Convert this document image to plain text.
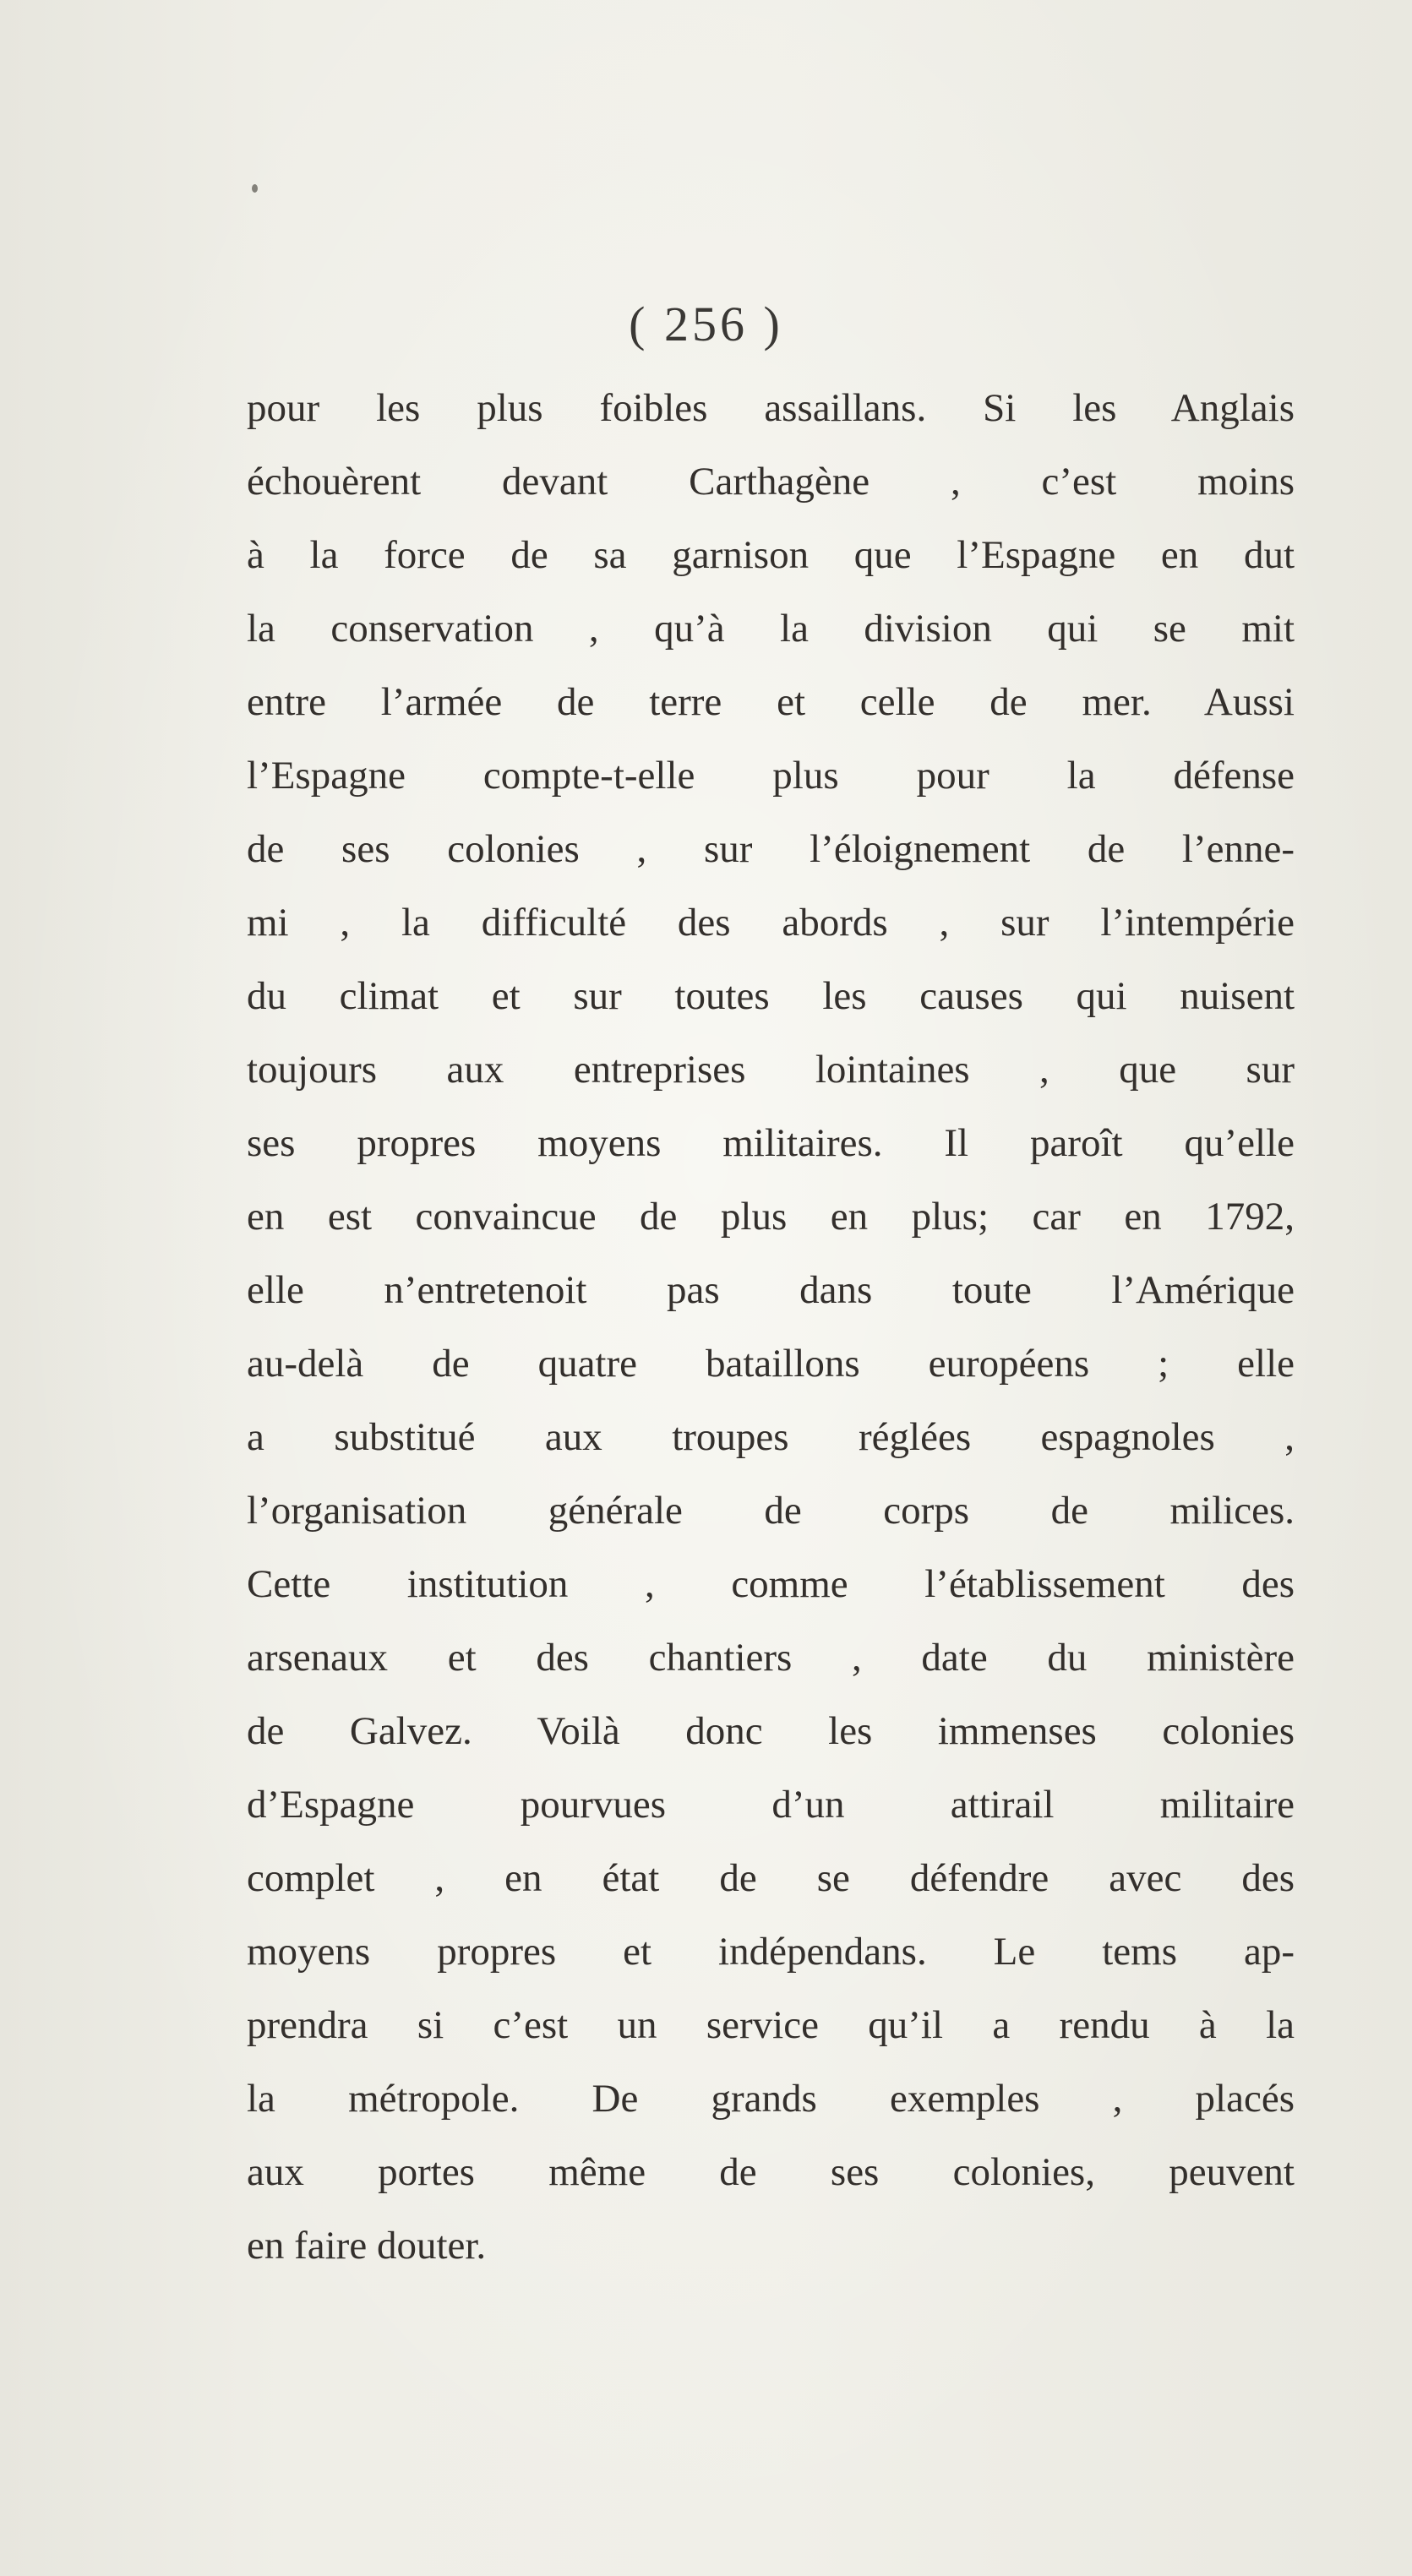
( 256 )
pour les plus foibles assaillans. Si les Anglais
échouèrent devant Carthagène , c’est moins
à la force de sa garnison que l’Espagne en dut
la conservation , qu’à la division qui se mit
entre l’armée de terre et celle de mer. Aussi
l’Espagne compte-t-elle plus pour la défense
de ses colonies , sur l’éloignement de l’enne-
mi , la difficulté des abords , sur l’intempérie
du climat et sur toutes les causes qui nuisent
toujours aux entreprises lointaines , que sur
ses propres moyens militaires. Il paroît qu’elle
en est convaincue de plus en plus; car en 1792,
elle n’entretenoit pas dans toute l’Amérique
au-delà de quatre bataillons européens ; elle
a substitué aux troupes réglées espagnoles ,
l’organisation générale de corps de milices.
Cette institution , comme l’établissement des
arsenaux et des chantiers , date du ministère
de Galvez. Voilà donc les immenses colonies
d’Espagne pourvues d’un attirail militaire
complet , en état de se défendre avec des
moyens propres et indépendans. Le tems ap-
prendra si c’est un service qu’il a rendu à la
la métropole. De grands exemples , placés
aux portes même de ses colonies, peuvent
en faire douter.
